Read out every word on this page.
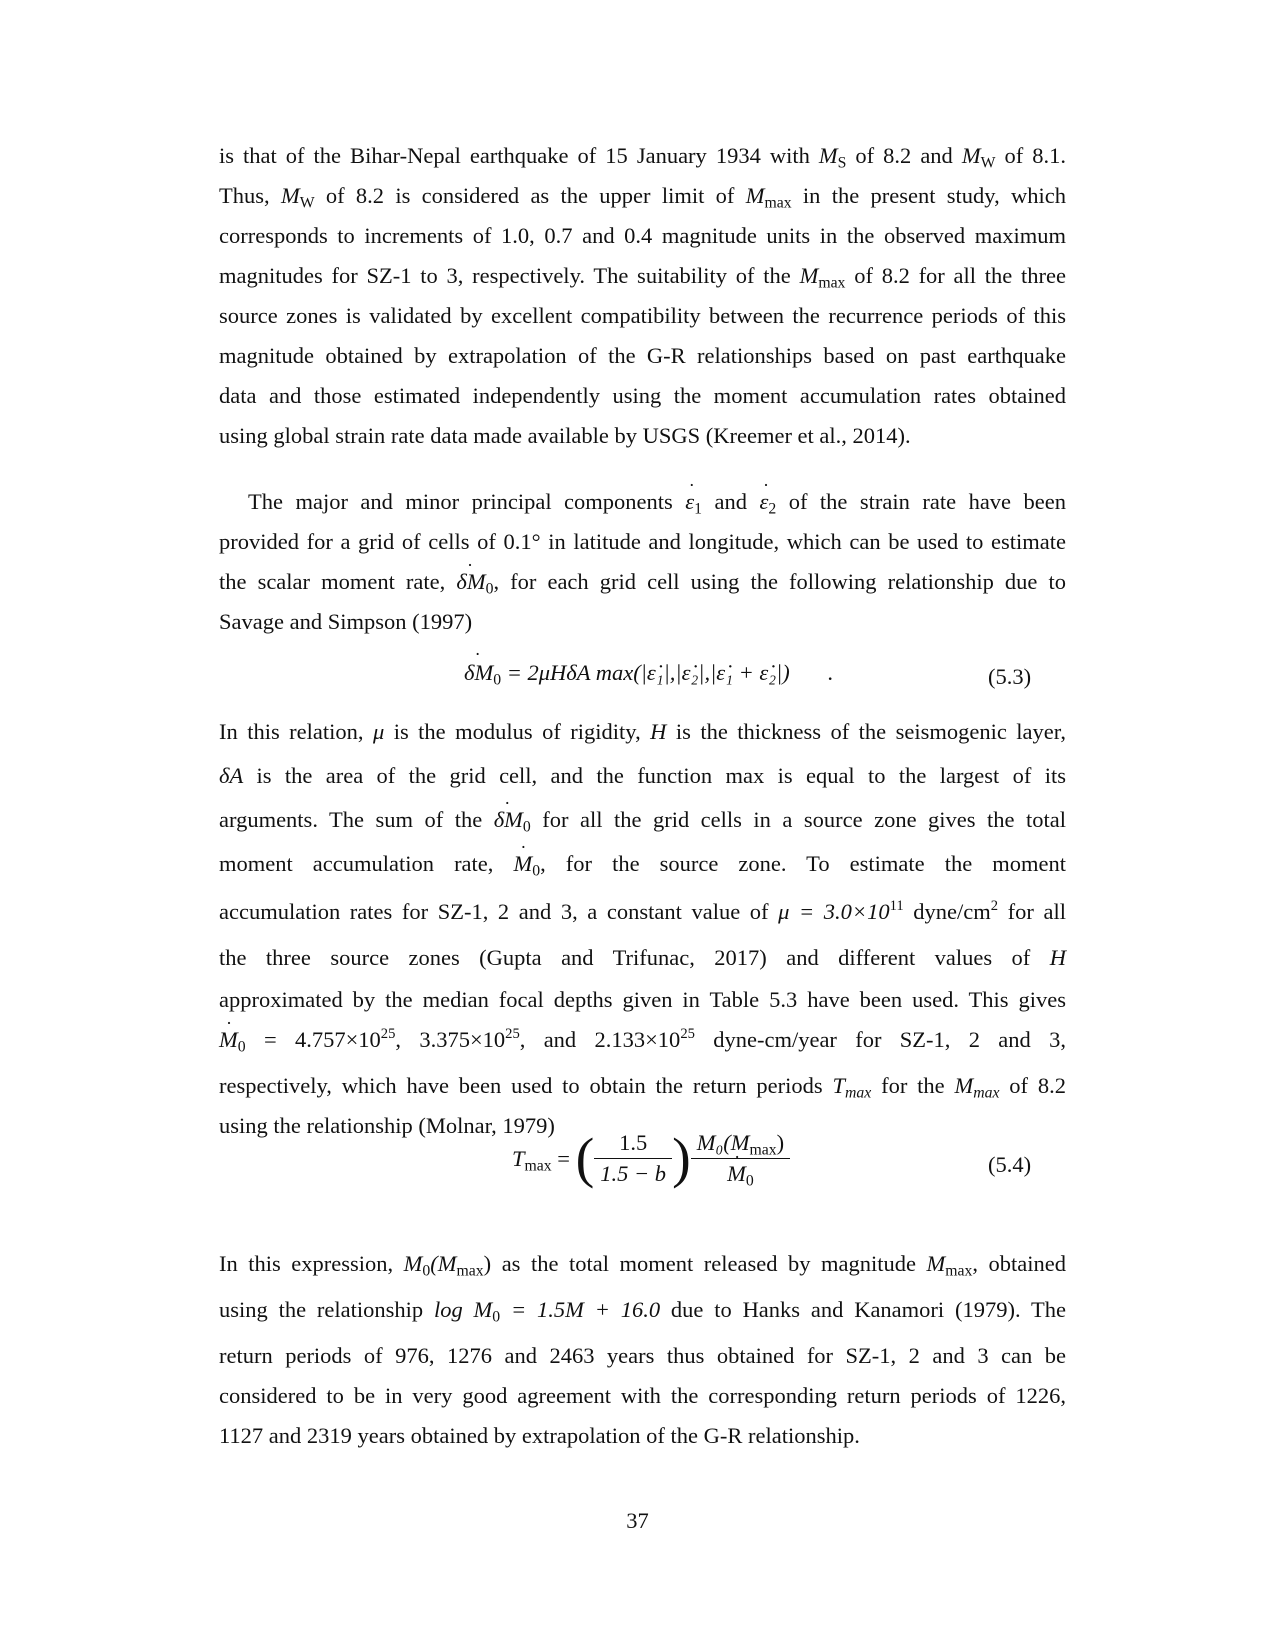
is that of the Bihar-Nepal earthquake of 15 January 1934 with $M_S$ of 8.2 and $M_W$ of 8.1.
Thus, $M_W$ of 8.2 is considered as the upper limit of $M_{max}$ in the present study, which
corresponds to increments of 1.0, 0.7 and 0.4 magnitude units in the observed maximum
magnitudes for SZ-1 to 3, respectively. The suitability of the $M_{max}$ of 8.2 for all the three
source zones is validated by excellent compatibility between the recurrence periods of this
magnitude obtained by extrapolation of the G-R relationships based on past earthquake
data and those estimated independently using the moment accumulation rates obtained
using global strain rate data made available by USGS (Kreemer et al., 2014).
The major and minor principal components ε $˙_1$ and ε $˙_2$ of the strain rate have been
provided for a grid of cells of 0.1° in latitude and longitude, which can be used to estimate
the scalar moment rate, δM $˙_0$, for each grid cell using the following relationship due to
Savage and Simpson (1997)
δM $˙_0 = 2\mu H\delta A$ max(|ε̇₁|,|ε̇₂|,|ε̇₁ + ε̇₂|) .	(5.3)
In this relation, μ is the modulus of rigidity, H is the thickness of the seismogenic layer,
δA is the area of the grid cell, and the function max is equal to the largest of its
arguments. The sum of the δM $˙_0$ for all the grid cells in a source zone gives the total
moment accumulation rate, M $˙_0$, for the source zone. To estimate the moment
accumulation rates for SZ-1, 2 and 3, a constant value of $\mu = 3.0\times 10^{11}$ dyne/$cm^2$ for all
the three source zones (Gupta and Trifunac, 2017) and different values of H
approximated by the median focal depths given in Table 5.3 have been used. This gives
M $˙_0 = 4.757\times 10^{25}$, $3.375\times 10^{25}$, and $2.133\times 10^{25}$ dyne-cm/year for SZ-1, 2 and 3,
respectively, which have been used to obtain the return periods $T_{max}$ for the $M_{max}$ of 8.2
using the relationship (Molnar, 1979)
$T_{max}$ = ( $\frac{1.5}{1.5 - b}$ ) $\frac{M_0(M_{max})}{M ˙_0}$	(5.4)
In this expression, $M_0(M_{max})$ as the total moment released by magnitude $M_{max}$, obtained
using the relationship $\log M_0 = 1.5M + 16.0$ due to Hanks and Kanamori (1979). The
return periods of 976, 1276 and 2463 years thus obtained for SZ-1, 2 and 3 can be
considered to be in very good agreement with the corresponding return periods of 1226,
1127 and 2319 years obtained by extrapolation of the G-R relationship.
37
